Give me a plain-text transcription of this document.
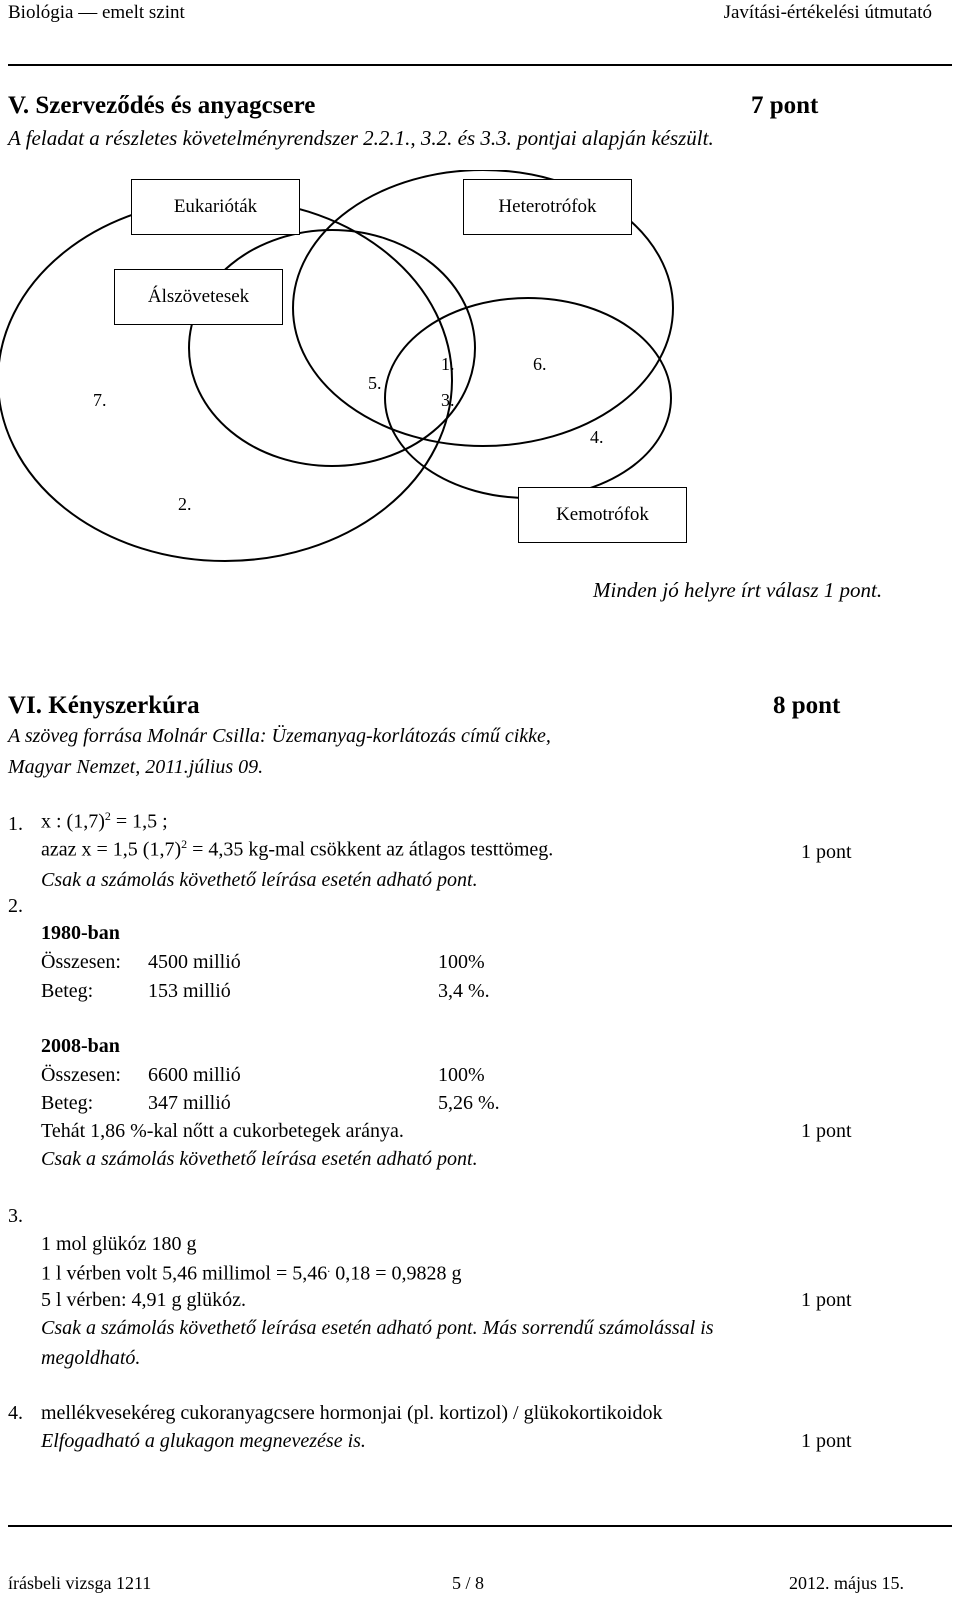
Biológia — emelt szint	Javítási-értékelési útmutató
V. Szerveződés és anyagcsere	7 pont
A feladat a részletes követelményrendszer 2.2.1., 3.2. és 3.3. pontjai alapján készült.
Eukarióták	Heterotrófok
Álszövetesek
Kemotrófok
1.
2.
3.
4.
5.
6.
7.
Minden jó helyre írt válasz 1 pont.
VI. Kényszerkúra	8 pont
A szöveg forrása Molnár Csilla: Üzemanyag-korlátozás című cikke,
Magyar Nemzet, 2011.július 09.
1. x : $(1,7)^2 = 1,5$ ;
azaz x = 1,5 $(1,7)^2 = 4,35$ kg-mal csökkent az átlagos testtömeg.	1 pont
Csak a számolás követhető leírása esetén adható pont.
2.
1980-ban
Összesen: 4500 millió	100%
Beteg:	153 millió	3,4 %.
2008-ban
Összesen: 6600 millió	100%
Beteg:	347 millió	5,26 %.
Tehát 1,86 %-kal nőtt a cukorbetegek aránya.	1 pont
Csak a számolás követhető leírása esetén adható pont.
3.
1 mol glükóz 180 g
1 l vérben volt 5,46 millimol = 5,46. 0,18 = 0,9828 g
5 l vérben: 4,91 g glükóz.	1 pont
Csak a számolás követhető leírása esetén adható pont. Más sorrendű számolással is
megoldható.
4. mellékvesekéreg cukoranyagcsere hormonjai (pl. kortizol) / glükokortikoidok
Elfogadható a glukagon megnevezése is.	1 pont
írásbeli vizsga 1211	5 / 8	2012. május 15.
